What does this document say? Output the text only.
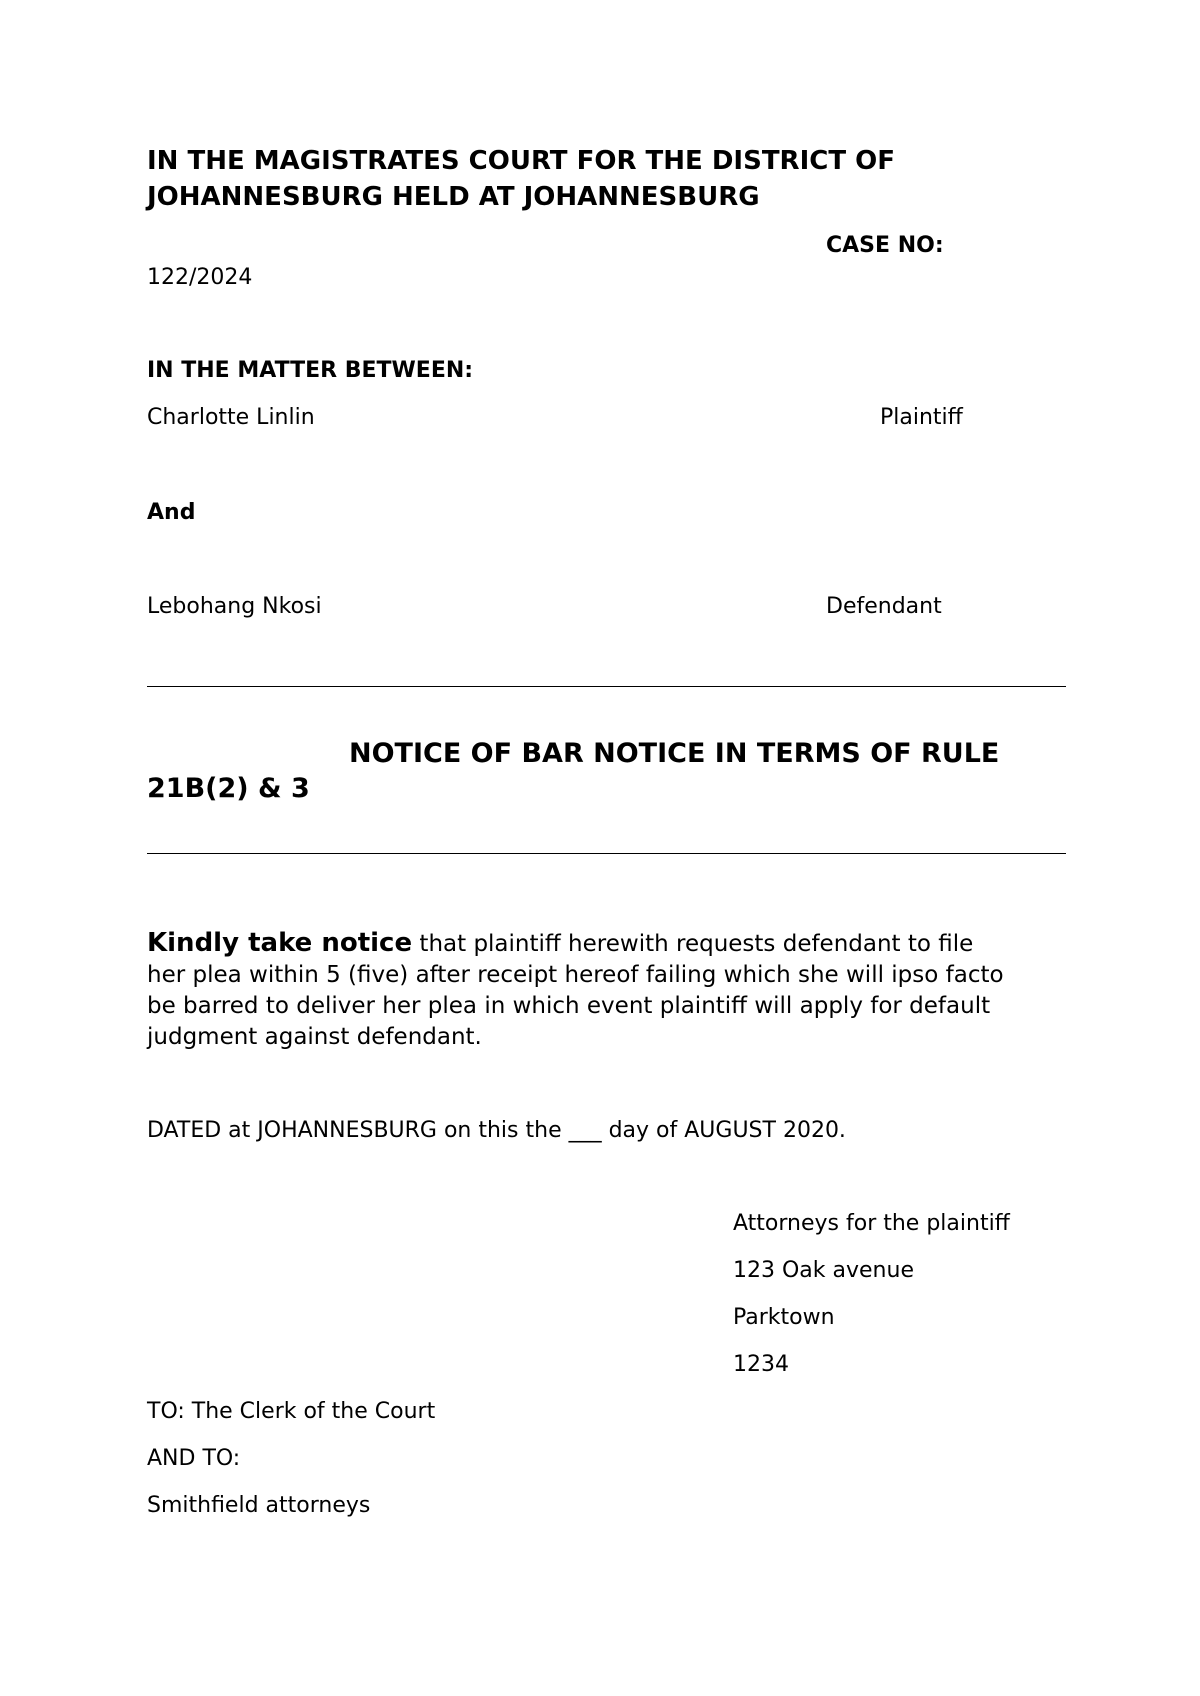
IN THE MAGISTRATES COURT FOR THE DISTRICT OF
JOHANNESBURG HELD AT JOHANNESBURG
CASE NO:
122/2024
IN THE MATTER BETWEEN:
Charlotte Linlin	Plaintiff
And
Lebohang Nkosi	Defendant
NOTICE OF BAR NOTICE IN TERMS OF RULE
21B(2) & 3
Kindly take notice that plaintiff herewith requests defendant to file
her plea within 5 (five) after receipt hereof failing which she will ipso facto
be barred to deliver her plea in which event plaintiff will apply for default
judgment against defendant.
DATED at JOHANNESBURG on this the ___ day of AUGUST 2020.
Attorneys for the plaintiff
123 Oak avenue
Parktown
1234
TO: The Clerk of the Court
AND TO:
Smithfield attorneys
